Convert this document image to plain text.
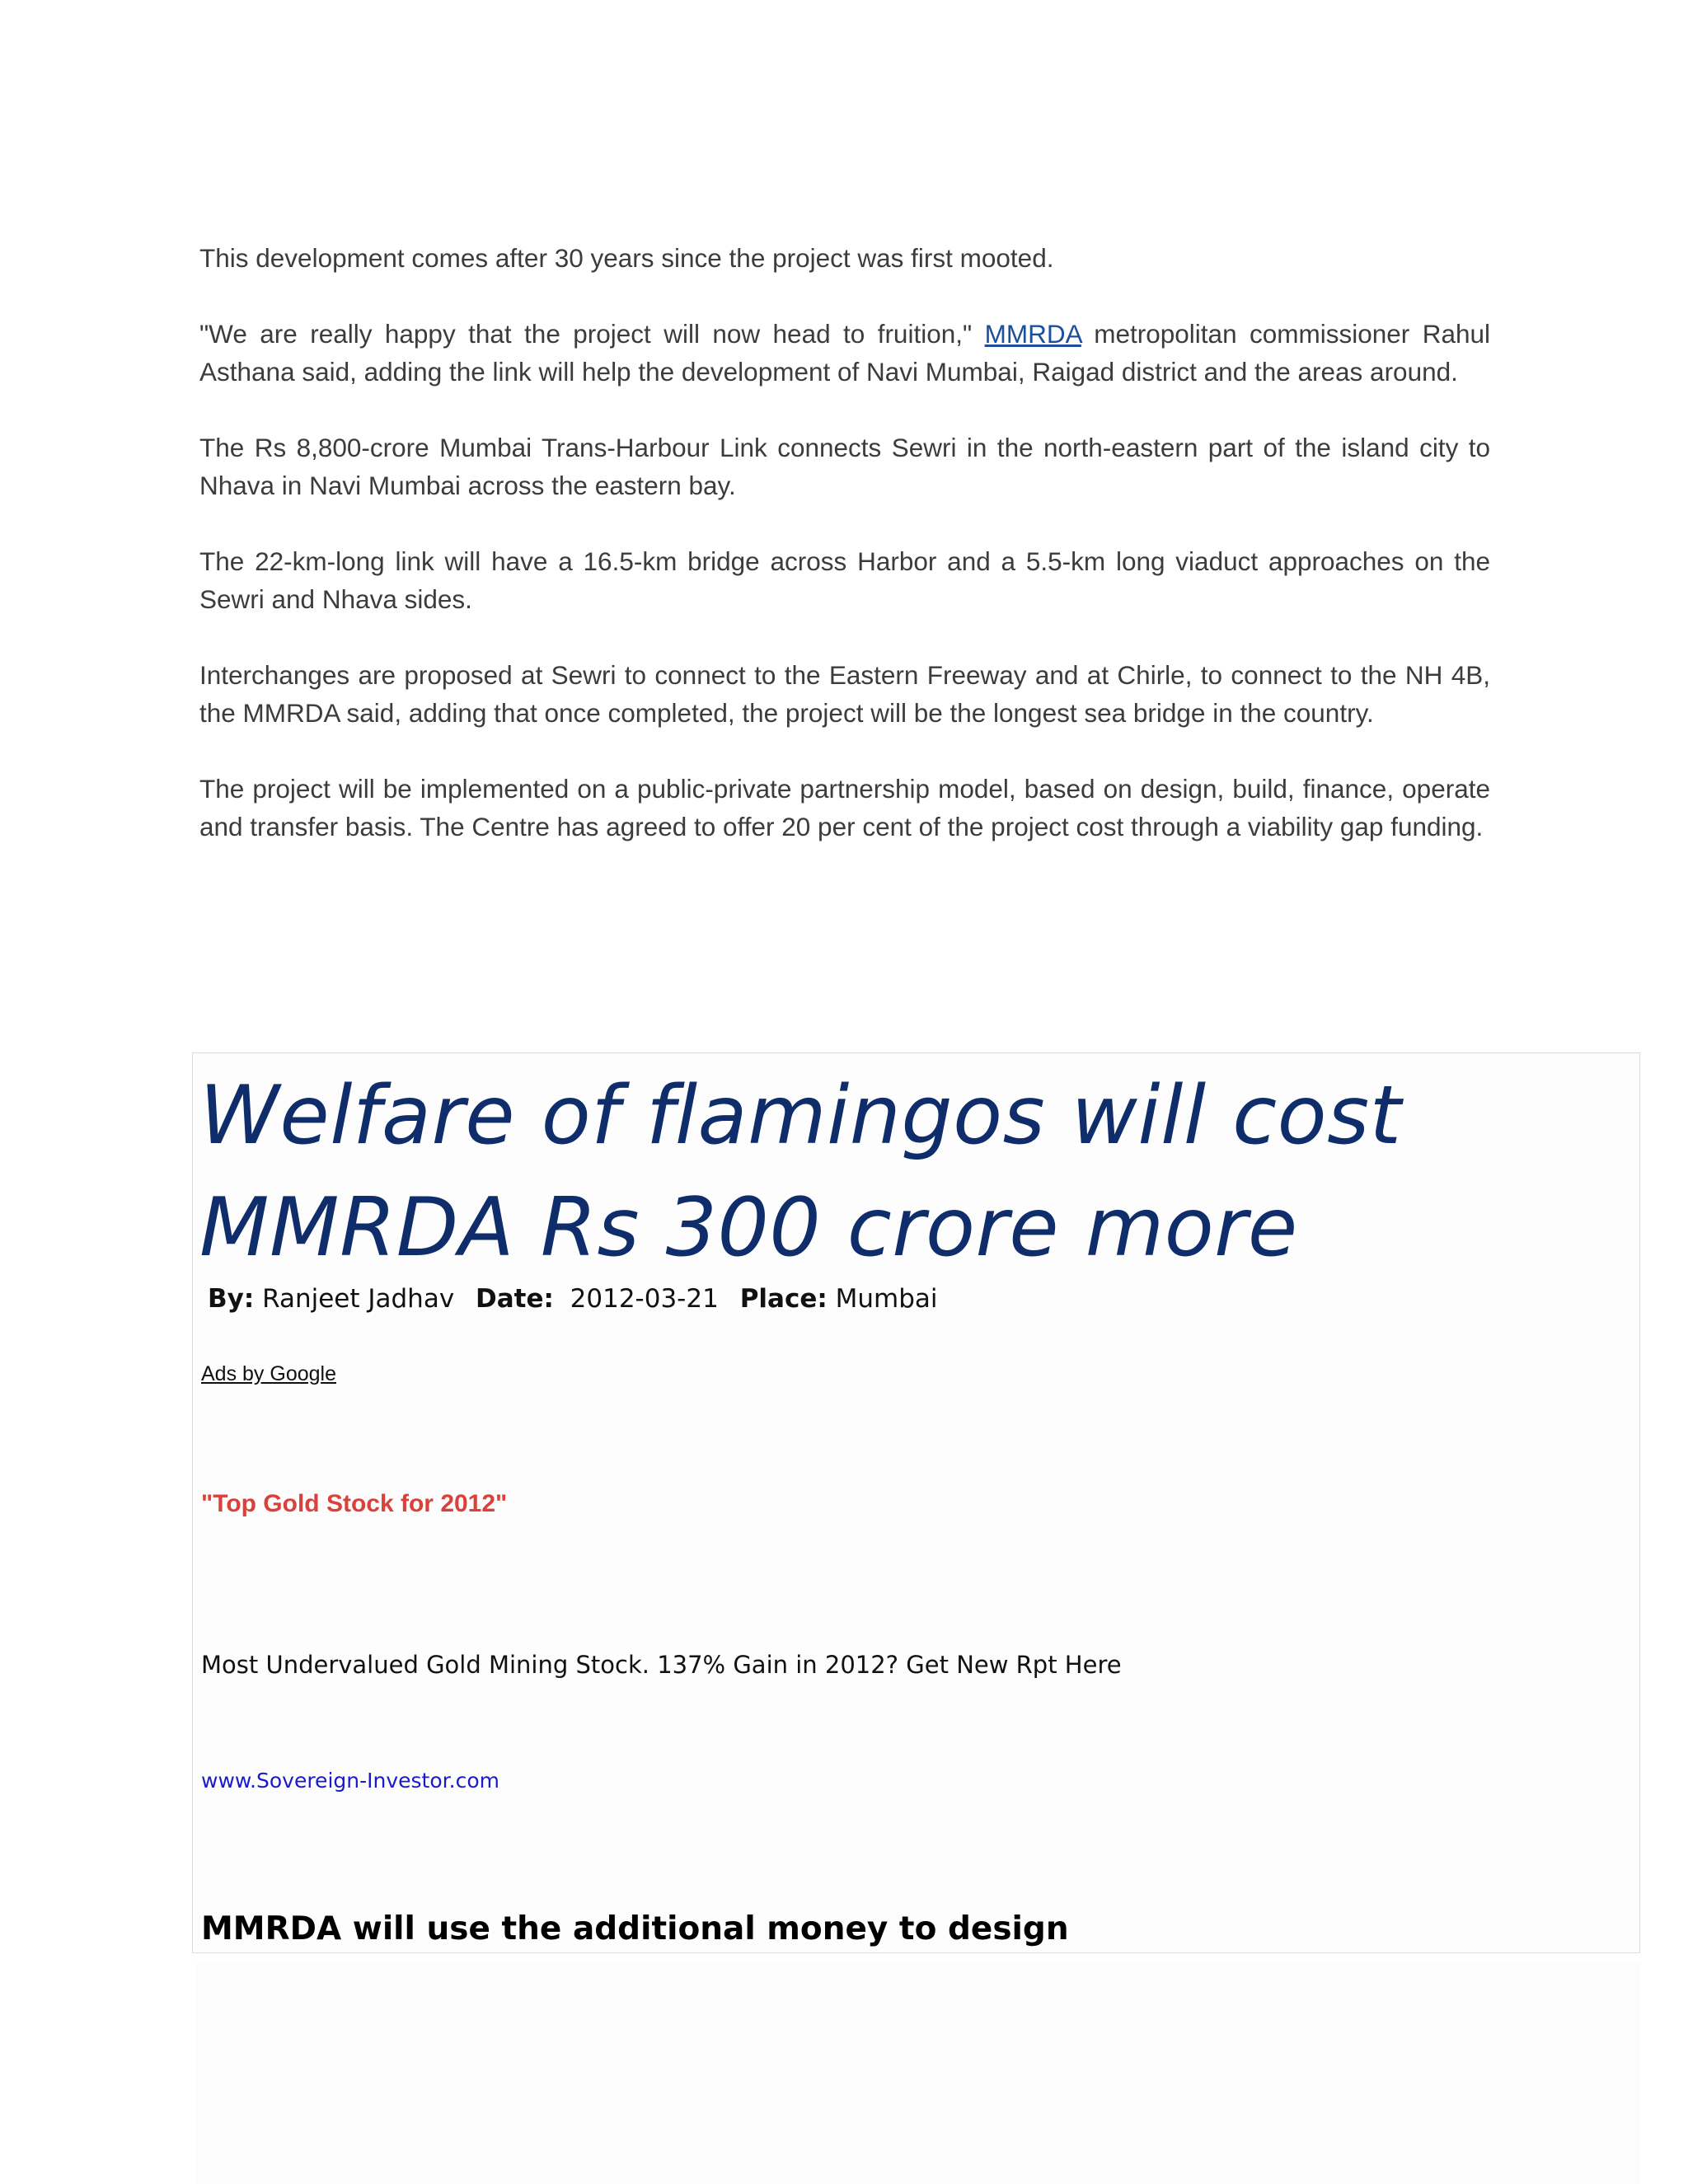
This development comes after 30 years since the project was first mooted.

"We are really happy that the project will now head to fruition," MMRDA metropolitan commissioner Rahul Asthana said, adding the link will help the development of Navi Mumbai, Raigad district and the areas around.

The Rs 8,800-crore Mumbai Trans-Harbour Link connects Sewri in the north-eastern part of the island city to Nhava in Navi Mumbai across the eastern bay.

The 22-km-long link will have a 16.5-km bridge across Harbor and a 5.5-km long viaduct approaches on the Sewri and Nhava sides.

Interchanges are proposed at Sewri to connect to the Eastern Freeway and at Chirle, to connect to the NH 4B, the MMRDA said, adding that once completed, the project will be the longest sea bridge in the country.

The project will be implemented on a public-private partnership model, based on design, build, finance, operate and transfer basis. The Centre has agreed to offer 20 per cent of the project cost through a viability gap funding.

Welfare of flamingos will cost MMRDA Rs 300 crore more
By: Ranjeet Jadhav Date: 2012-03-21 Place: Mumbai
Ads by Google
"Top Gold Stock for 2012"
Most Undervalued Gold Mining Stock. 137% Gain in 2012? Get New Rpt Here
www.Sovereign-Investor.com
MMRDA will use the additional money to design
